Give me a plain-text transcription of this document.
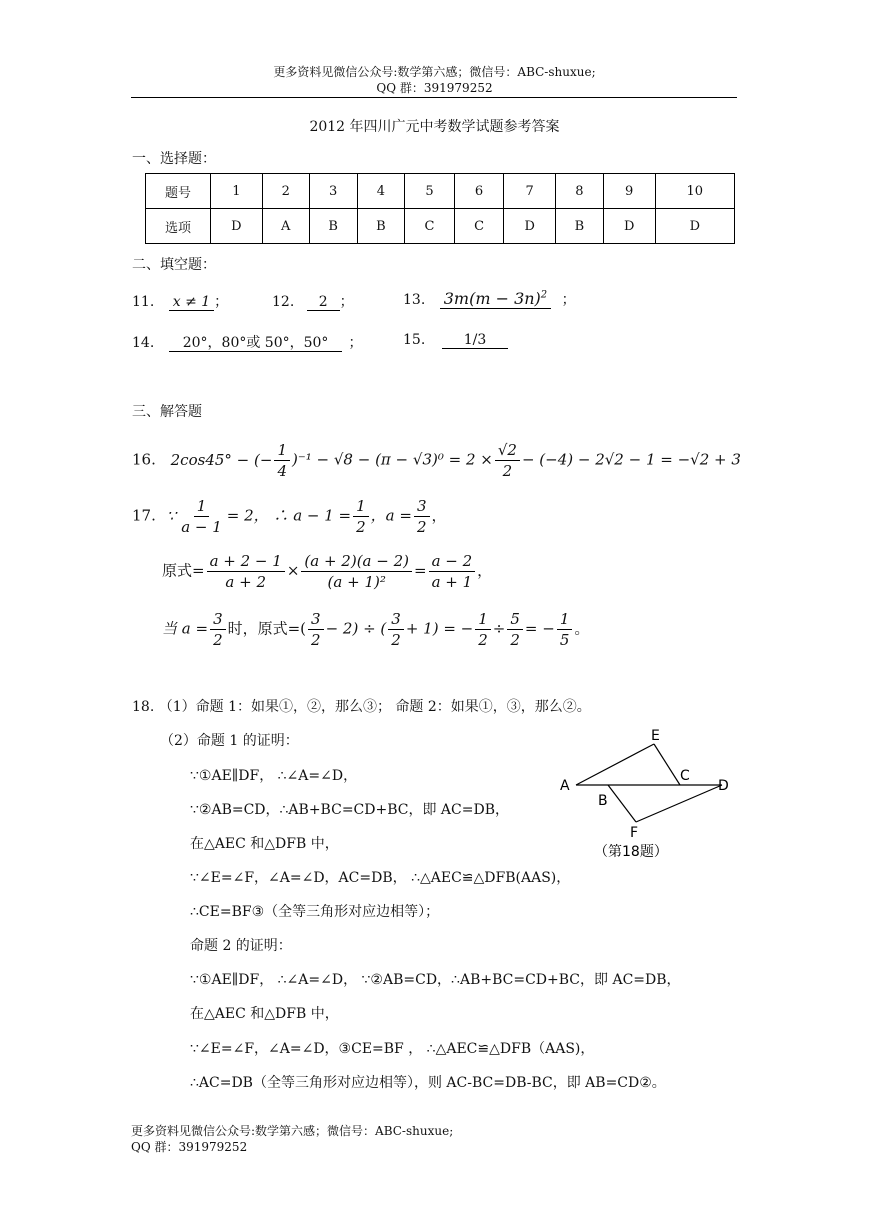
更多资料见微信公众号:数学第六感；微信号：ABC-shuxue;
QQ 群：391979252
2012 年四川广元中考数学试题参考答案
一、选择题：
题号	1	2	3	4	5	6	7	8	9	10
选项	D	A	B	B	C	C	D	B	D	D
二、填空题：
11. x ≠ 1 ；	12. 2 ；	13. $3m(m - 3n)^2$ ；
14. 20°，80°或 50°，50° ；	15.	1/3
三、解答题
16. 2cos45° − (− $\frac{1}{4} )^{-1} - √8 - (\pi - √3)^0 = 2 \times \frac{√2}{2} - (-4) - 2√2 - 1 = -√2 + 3$
17. ∵ $\frac{1}{a - 1} = 2$， ∴ $a - 1 = \frac{1}{2}$ ，$a = \frac{3}{2}$ ，
原式= $\frac{a + 2 - 1}{a + 2} \times \frac{(a + 2)(a - 2)}{\text{(a + 1)²}} = \frac{a - 2}{a + 1}$ ，
当 $a = \frac{3}{2}$ 时，原式=( $\frac{3}{2} - 2$) ÷ ( $\frac{3}{2} + 1$) = − $\frac{1}{2} \div \frac{5}{2}$ = − $\frac{1}{5}$ 。
18. （1）命题 1：如果①，②，那么③； 命题 2：如果①，③，那么②。
（2）命题 1 的证明：
∵①AE∥DF， ∴∠A=∠D，
∵②AB=CD，∴AB+BC=CD+BC，即 AC=DB，
在△AEC 和△DFB 中，
∵∠E=∠F，∠A=∠D，AC=DB， ∴△AEC≌△DFB(AAS)，
∴CE=BF③（全等三角形对应边相等）；
命题 2 的证明：
∵①AE∥DF， ∴∠A=∠D， ∵②AB=CD，∴AB+BC=CD+BC，即 AC=DB，
在△AEC 和△DFB 中，
∵∠E=∠F，∠A=∠D，③CE=BF ， ∴△AEC≌△DFB（AAS)，
∴AC=DB（全等三角形对应边相等），则 AC-BC=DB-BC，即 AB=CD②。
A
B
C
D
E
F
（第18题）
更多资料见微信公众号:数学第六感；微信号：ABC-shuxue;
QQ 群：391979252
